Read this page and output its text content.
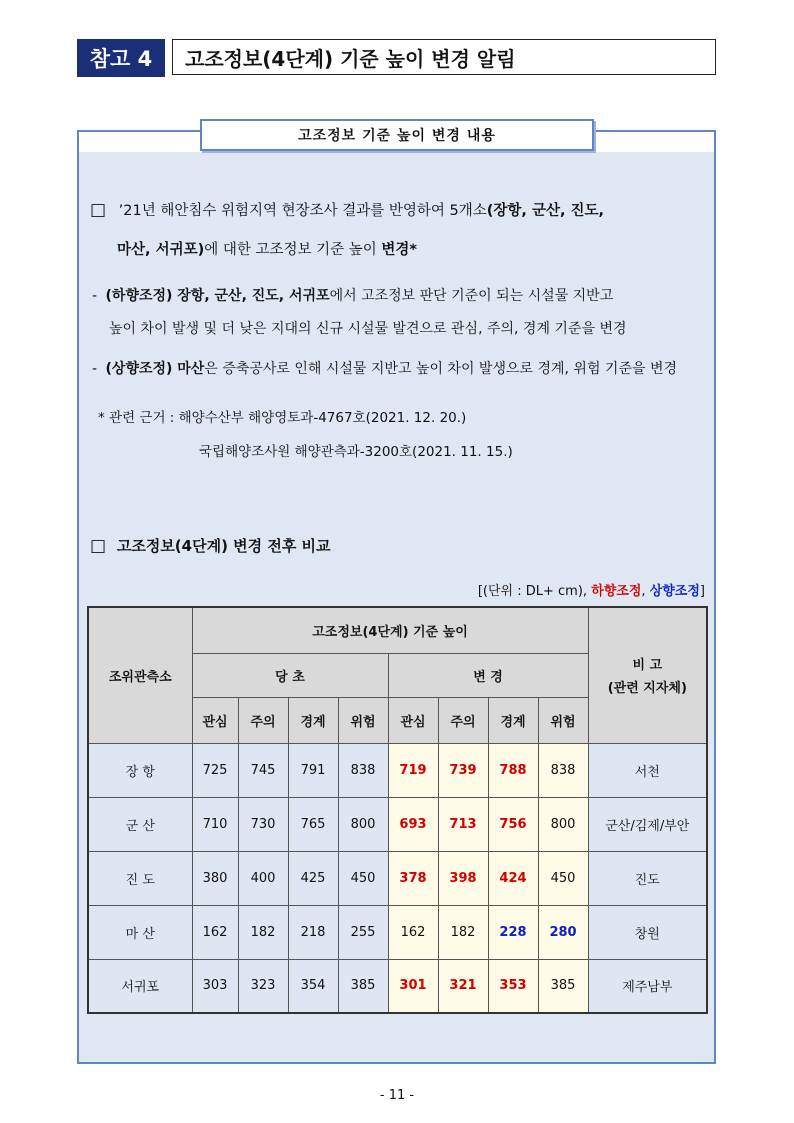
참고 4	고조정보(4단계) 기준 높이 변경 알림
고조정보 기준 높이 변경 내용
□ ’21년 해안침수 위험지역 현장조사 결과를 반영하여 5개소(장항, 군산, 진도,
마산, 서귀포)에 대한 고조정보 기준 높이 변경*
- (하향조정) 장항, 군산, 진도, 서귀포에서 고조정보 판단 기준이 되는 시설물 지반고
높이 차이 발생 및 더 낮은 지대의 신규 시설물 발견으로 관심, 주의, 경계 기준을 변경
- (상향조정) 마산은 증축공사로 인해 시설물 지반고 높이 차이 발생으로 경계, 위험 기준을 변경
* 관련 근거 : 해양수산부 해양영토과-4767호(2021. 12. 20.)
국립해양조사원 해양관측과-3200호(2021. 11. 15.)
□ 고조정보(4단계) 변경 전후 비교
[(단위 : DL+ cm), 하향조정, 상향조정]
조위관측소	고조정보(4단계) 기준 높이								비 고
(관련 지자체)

	당 초				변 경				
	관심	주의	경계	위험	관심	주의	경계	위험	
장 항	725	745	791	838	719	739	788	838	서천
군 산	710	730	765	800	693	713	756	800	군산/김제/부안
진 도	380	400	425	450	378	398	424	450	진도
마 산	162	182	218	255	162	182	228	280	창원
서귀포	303	323	354	385	301	321	353	385	제주남부
- 11 -
